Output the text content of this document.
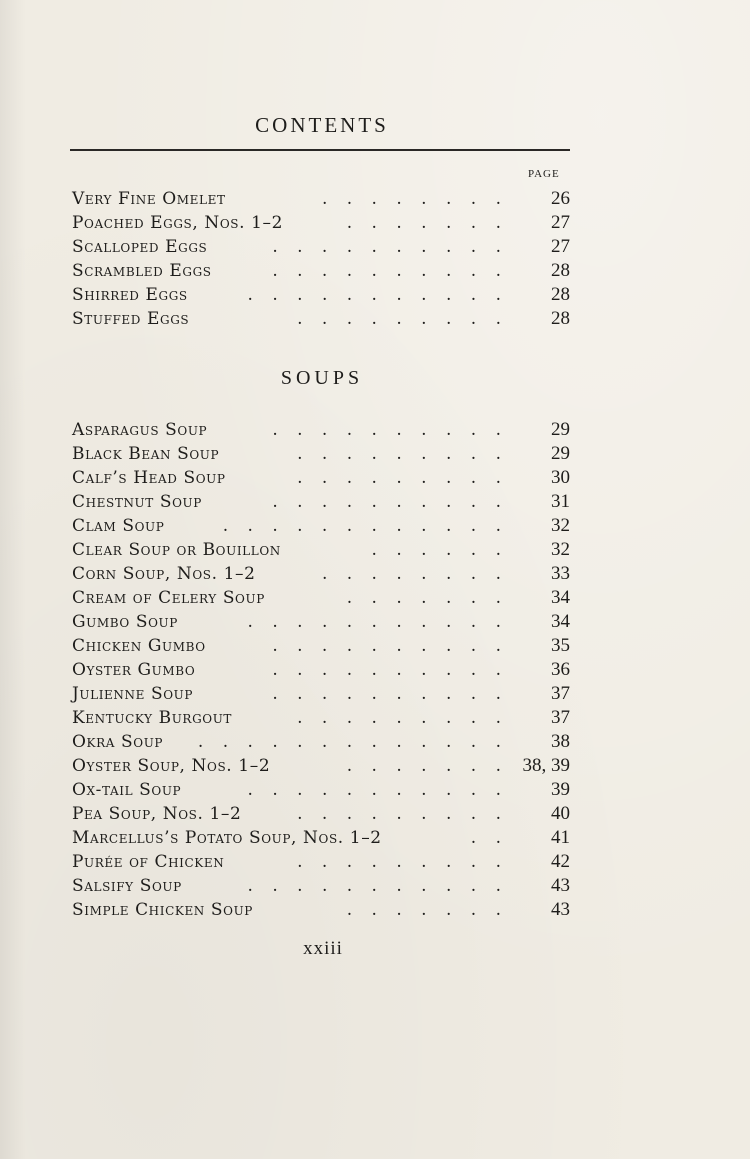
CONTENTS
PAGE
Very Fine Omelet	. . . . . . . . 26
Poached Eggs, Nos. 1–2	. . . . . . . 27
Scalloped Eggs	. . . . . . . . . . 27
Scrambled Eggs	. . . . . . . . . . 28
Shirred Eggs	. . . . . . . . . . . 28
Stuffed Eggs	. . . . . . . . . 28
SOUPS
Asparagus Soup	. . . . . . . . . . 29
Black Bean Soup	. . . . . . . . . 29
Calf’s Head Soup	. . . . . . . . . 30
Chestnut Soup	. . . . . . . . . . 31
Clam Soup	. . . . . . . . . . . . 32
Clear Soup or Bouillon	. . . . . . 32
Corn Soup, Nos. 1–2	. . . . . . . . 33
Cream of Celery Soup	. . . . . . . 34
Gumbo Soup	. . . . . . . . . . . 34
Chicken Gumbo	. . . . . . . . . . 35
Oyster Gumbo	. . . . . . . . . . 36
Julienne Soup	. . . . . . . . . . 37
Kentucky Burgout	. . . . . . . . . 37
Okra Soup . . . . . . . . . . . . . 38
Oyster Soup, Nos. 1–2	. . . . . . . 38, 39
Ox-tail Soup	. . . . . . . . . . . 39
Pea Soup, Nos. 1–2	. . . . . . . . . 40
Marcellus’s Potato Soup, Nos. 1–2	. . 41
Purée of Chicken	. . . . . . . . . 42
Salsify Soup	. . . . . . . . . . . 43
Simple Chicken Soup	. . . . . . . 43
xxiii
